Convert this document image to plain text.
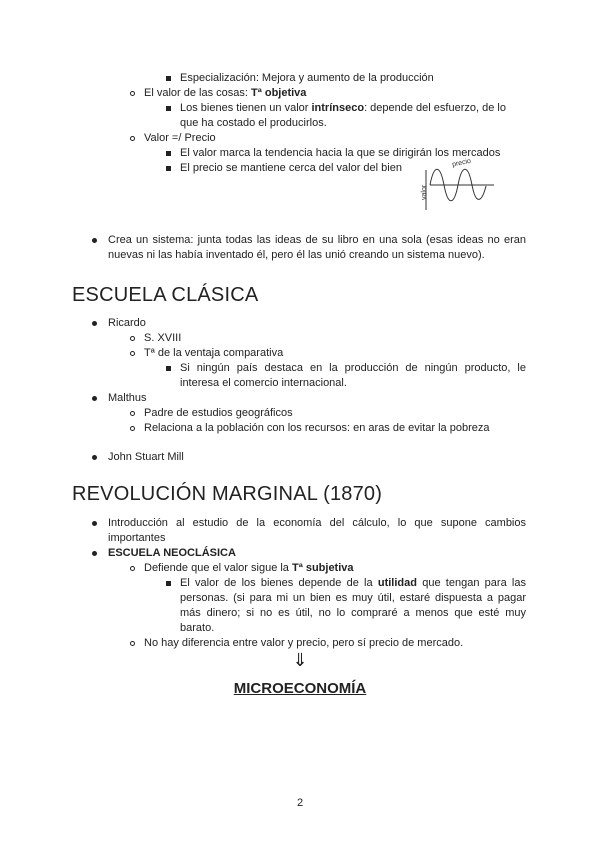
Especialización: Mejora y aumento de la producción
El valor de las cosas: Tª objetiva
Los bienes tienen un valor intrínseco: depende del esfuerzo, de lo
que ha costado el producirlos.
Valor =/ Precio
El valor marca la tendencia hacia la que se dirigirán los mercados
El precio se mantiene cerca del valor del bien
valor
precio
Crea un sistema: junta todas las ideas de su libro en una sola (esas ideas no eran
nuevas ni las había inventado él, pero él las unió creando un sistema nuevo).
ESCUELA CLÁSICA
Ricardo
S. XVIII
Tª de la ventaja comparativa
Si ningún país destaca en la producción de ningún producto, le
interesa el comercio internacional.
Malthus
Padre de estudios geográficos
Relaciona a la población con los recursos: en aras de evitar la pobreza
John Stuart Mill
REVOLUCIÓN MARGINAL (1870)
Introducción al estudio de la economía del cálculo, lo que supone cambios
importantes
ESCUELA NEOCLÁSICA
Defiende que el valor sigue la Tª subjetiva
El valor de los bienes depende de la utilidad que tengan para las
personas. (si para mi un bien es muy útil, estaré dispuesta a pagar
más dinero; si no es útil, no lo compraré a menos que esté muy
barato.
No hay diferencia entre valor y precio, pero sí precio de mercado.
⇓
MICROECONOMÍA
2
